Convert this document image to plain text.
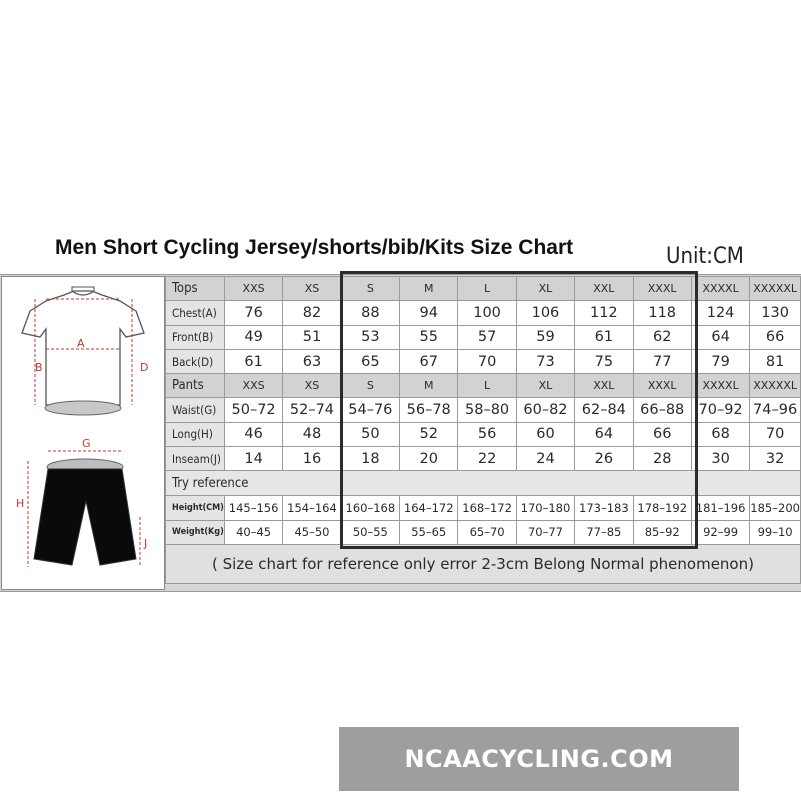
Men Short Cycling Jersey/shorts/bib/Kits Size Chart	Unit:CM
A
B	D
G
H
J
Tops	XXS	XS	S	M	L	XL	XXL	XXXL	XXXXL	XXXXXL
Chest(A)	76	82	88	94	100	106	112	118	124	130
Front(B)	49	51	53	55	57	59	61	62	64	66
Back(D)	61	63	65	67	70	73	75	77	79	81
Pants	XXS	XS	S	M	L	XL	XXL	XXXL	XXXXL	XXXXXL
Waist(G)	50–72	52–74	54–76	56–78	58–80	60–82	62–84	66–88	70–92	74–96
Long(H)	46	48	50	52	56	60	64	66	68	70
Inseam(J)	14	16	18	20	22	24	26	28	30	32
Try reference										
Height(CM)	145–156	154–164	160–168	164–172	168–172	170–180	173–183	178–192	181–196	185–200
Weight(Kg)	40–45	45–50	50–55	55–65	65–70	70–77	77–85	85–92	92–99	99–10
( Size chart for reference only error 2-3cm Belong Normal phenomenon)										
NCAACYCLING.COM
